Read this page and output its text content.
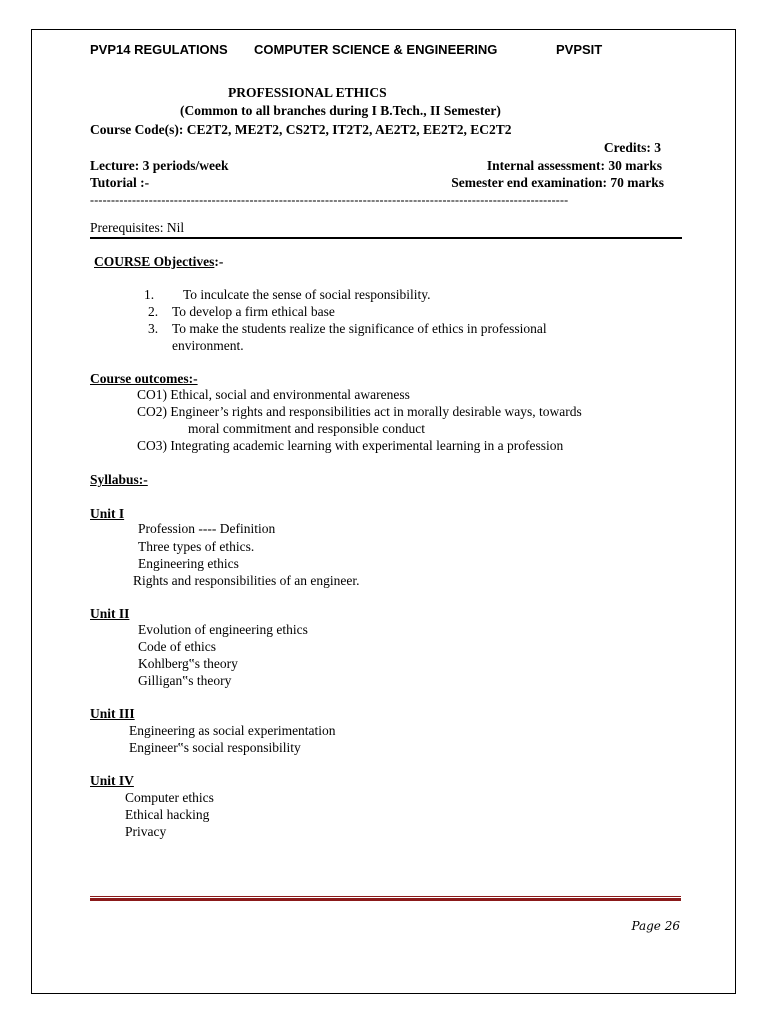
PVP14 REGULATIONS COMPUTER SCIENCE & ENGINEERING	PVPSIT
PROFESSIONAL ETHICS
(Common to all branches during I B.Tech., II Semester)
Course Code(s): CE2T2, ME2T2, CS2T2, IT2T2, AE2T2, EE2T2, EC2T2
Credits: 3
Lecture: 3 periods/week	Internal assessment: 30 marks
Tutorial :-	Semester end examination: 70 marks
------------------------------------------------------------------------------------------------------------------
Prerequisites: Nil
COURSE Objectives:-
1. To inculcate the sense of social responsibility.
2. To develop a firm ethical base
3. To make the students realize the significance of ethics in professional
environment.
Course outcomes:-
CO1) Ethical, social and environmental awareness
CO2) Engineer’s rights and responsibilities act in morally desirable ways, towards
moral commitment and responsible conduct
CO3) Integrating academic learning with experimental learning in a profession
Syllabus:-
Unit I
Profession ---- Definition
Three types of ethics.
Engineering ethics
Rights and responsibilities of an engineer.
Unit II
Evolution of engineering ethics
Code of ethics
Kohlberg‟s theory
Gilligan‟s theory
Unit III
Engineering as social experimentation
Engineer‟s social responsibility
Unit IV
Computer ethics
Ethical hacking
Privacy
Page 26
